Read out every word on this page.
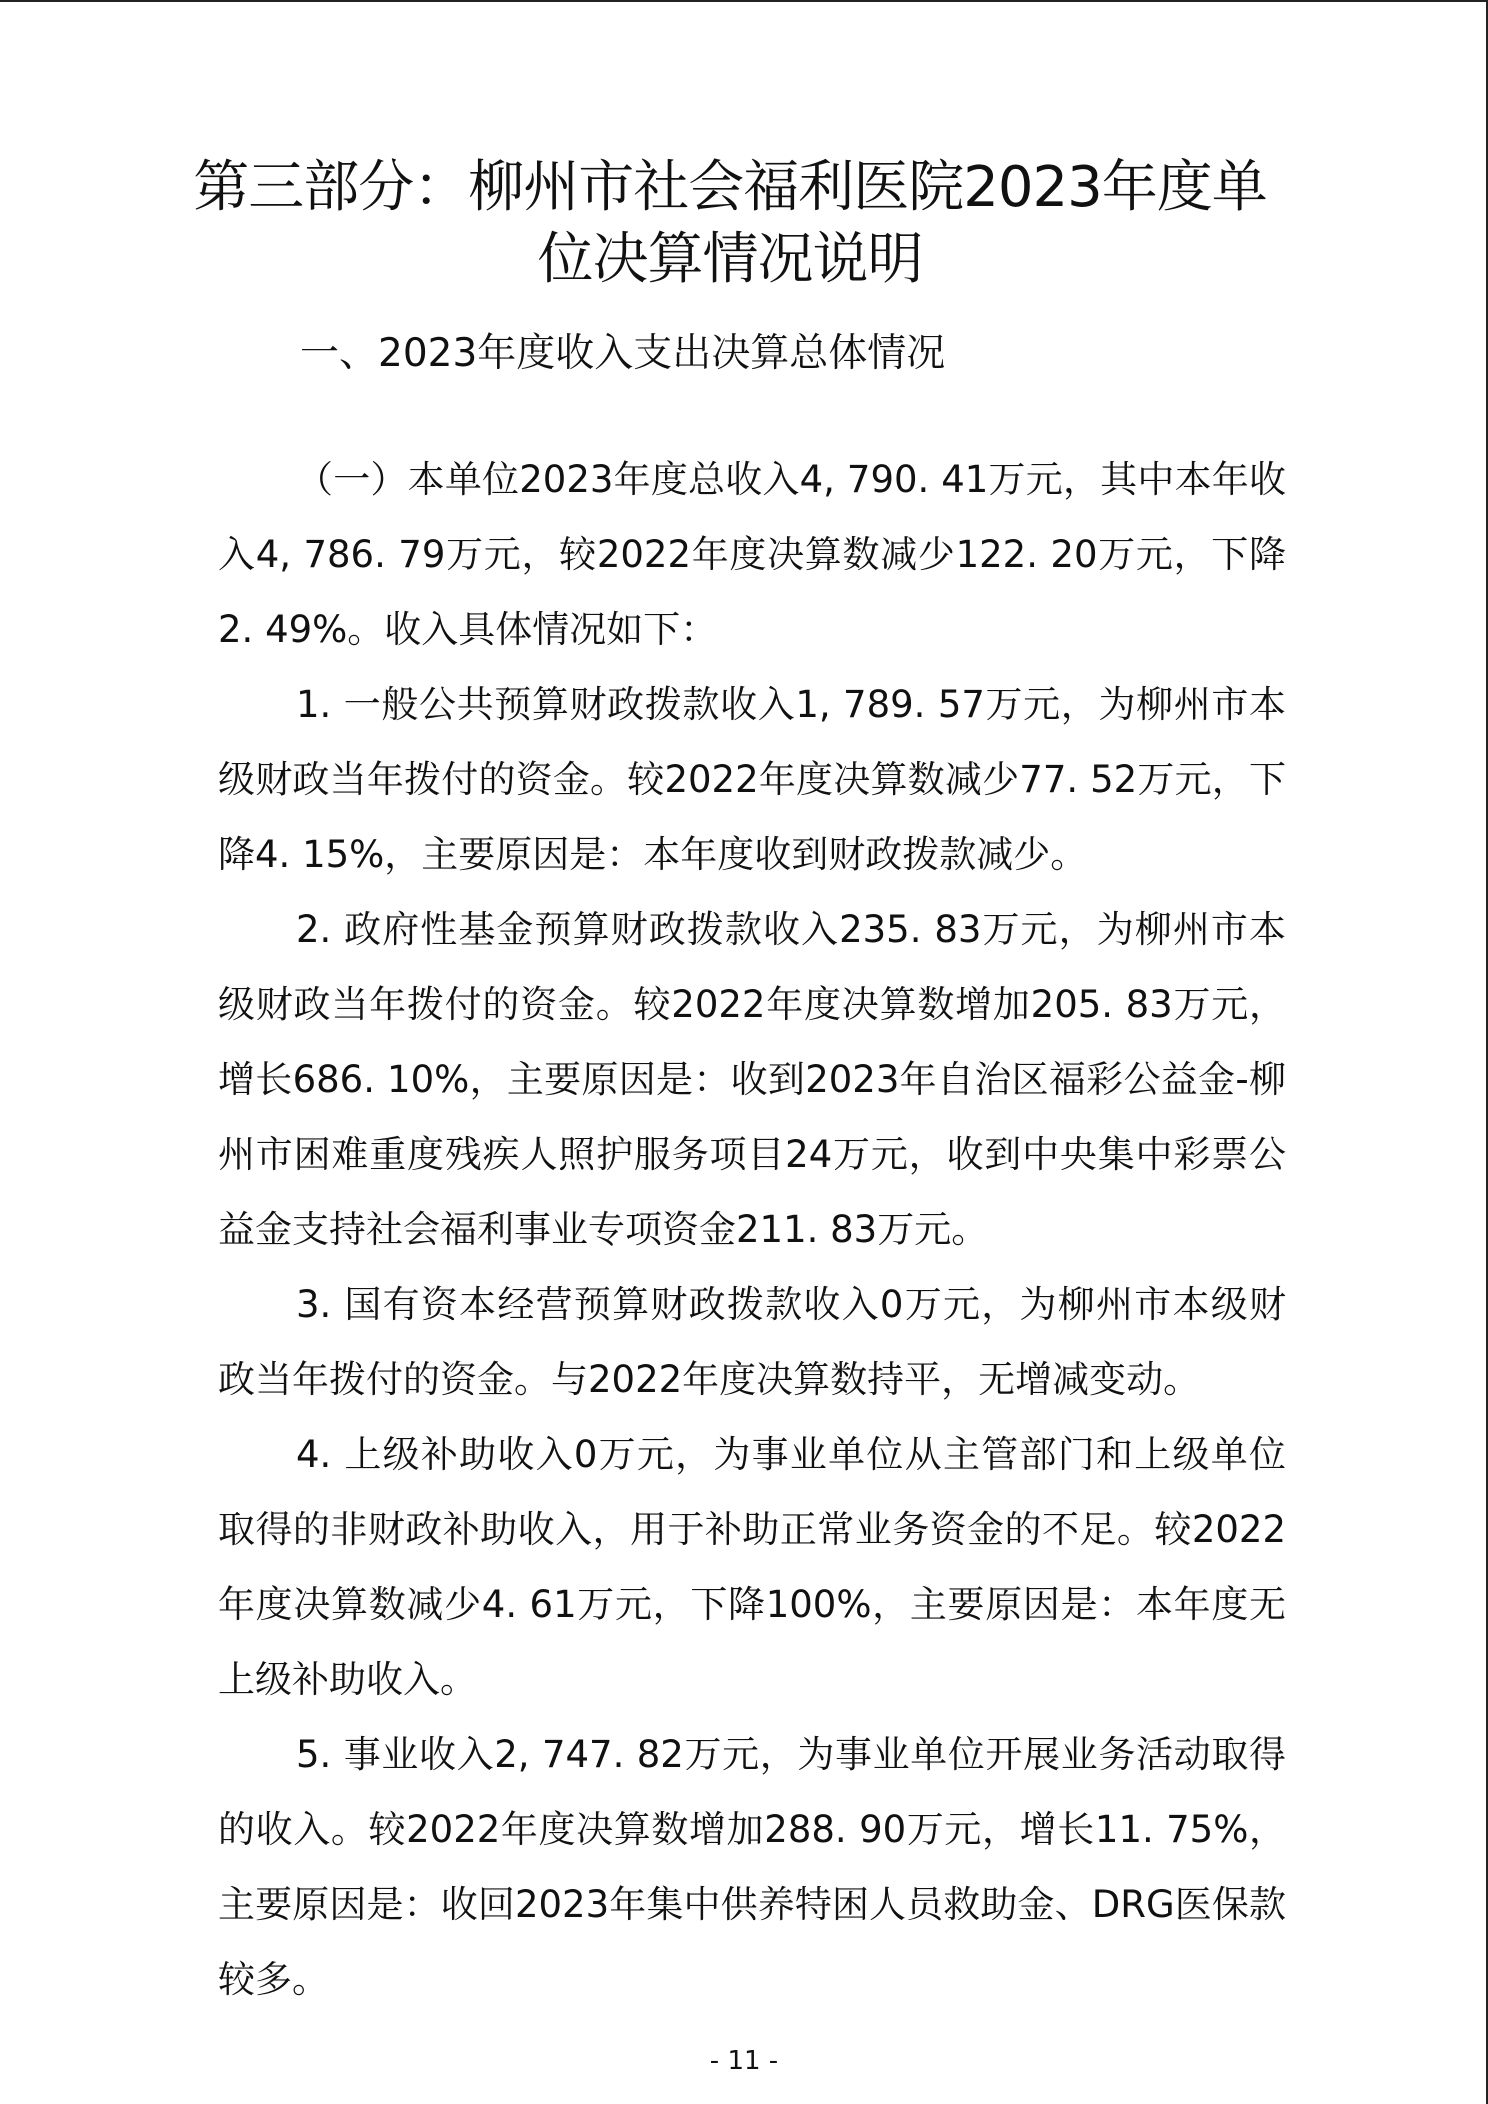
第三部分：柳州市社会福利医院2023年度单位决算情况说明
一、2023年度收入支出决算总体情况

（一）本单位2023年度总收入4, 790. 41万元，其中本年收入4, 786. 79万元，较2022年度决算数减少122. 20万元，下降2. 49%。收入具体情况如下：

1. 一般公共预算财政拨款收入1, 789. 57万元，为柳州市本级财政当年拨付的资金。较2022年度决算数减少77. 52万元，下降4. 15%，主要原因是：本年度收到财政拨款减少。

2. 政府性基金预算财政拨款收入235. 83万元，为柳州市本级财政当年拨付的资金。较2022年度决算数增加205. 83万元，增长686. 10%，主要原因是：收到2023年自治区福彩公益金-柳州市困难重度残疾人照护服务项目24万元，收到中央集中彩票公益金支持社会福利事业专项资金211. 83万元。

3. 国有资本经营预算财政拨款收入0万元，为柳州市本级财政当年拨付的资金。与2022年度决算数持平，无增减变动。

4. 上级补助收入0万元，为事业单位从主管部门和上级单位取得的非财政补助收入，用于补助正常业务资金的不足。较2022年度决算数减少4. 61万元，下降100%，主要原因是：本年度无上级补助收入。

5. 事业收入2, 747. 82万元，为事业单位开展业务活动取得的收入。较2022年度决算数增加288. 90万元，增长11. 75%，主要原因是：收回2023年集中供养特困人员救助金、DRG医保款较多。

- 11 -
